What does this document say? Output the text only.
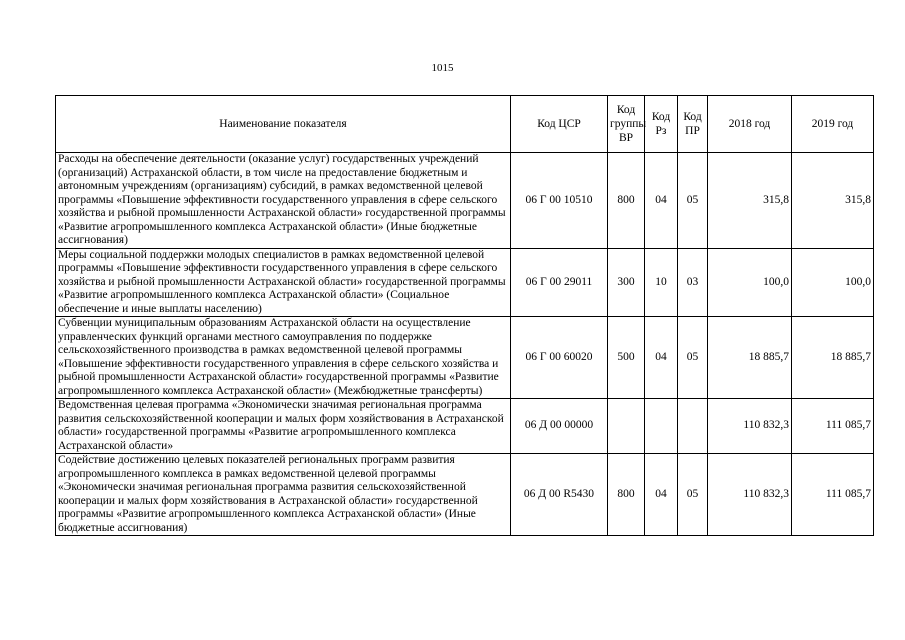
1015
Наименование показателя	Код ЦСР	Код группы ВР	Код Рз	Код ПР	2018 год	2019 год
Расходы на обеспечение деятельности (оказание услуг) государственных учреждений (организаций) Астраханской области, в том числе на предоставление бюджетным и автономным учреждениям (организациям) субсидий, в рамках ведомственной целевой программы «Повышение эффективности государственного управления в сфере сельского хозяйства и рыбной промышленности Астраханской области» государственной программы «Развитие агропромышленного комплекса Астраханской области» (Иные бюджетные ассигнования)	06 Г 00 10510	800	04	05	315,8	315,8
Меры социальной поддержки молодых специалистов в рамках ведомственной целевой программы «Повышение эффективности государственного управления в сфере сельского хозяйства и рыбной промышленности Астраханской области» государственной программы «Развитие агропромышленного комплекса Астраханской области» (Социальное обеспечение и иные выплаты населению)	06 Г 00 29011	300	10	03	100,0	100,0
Субвенции муниципальным образованиям Астраханской области на осуществление управленческих функций органами местного самоуправления по поддержке сельскохозяйственного производства в рамках ведомственной целевой программы «Повышение эффективности государственного управления в сфере сельского хозяйства и рыбной промышленности Астраханской области» государственной программы «Развитие агропромышленного комплекса Астраханской области» (Межбюджетные трансферты)	06 Г 00 60020	500	04	05	18 885,7	18 885,7
Ведомственная целевая программа «Экономически значимая региональная программа развития сельскохозяйственной кооперации и малых форм хозяйствования в Астраханской области» государственной программы «Развитие агропромышленного комплекса Астраханской области»	06 Д 00 00000				110 832,3	111 085,7
Содействие достижению целевых показателей региональных программ развития агропромышленного комплекса в рамках ведомственной целевой программы «Экономически значимая региональная программа развития сельскохозяйственной кооперации и малых форм хозяйствования в Астраханской области» государственной программы «Развитие агропромышленного комплекса Астраханской области» (Иные бюджетные ассигнования)	06 Д 00 R5430	800	04	05	110 832,3	111 085,7
